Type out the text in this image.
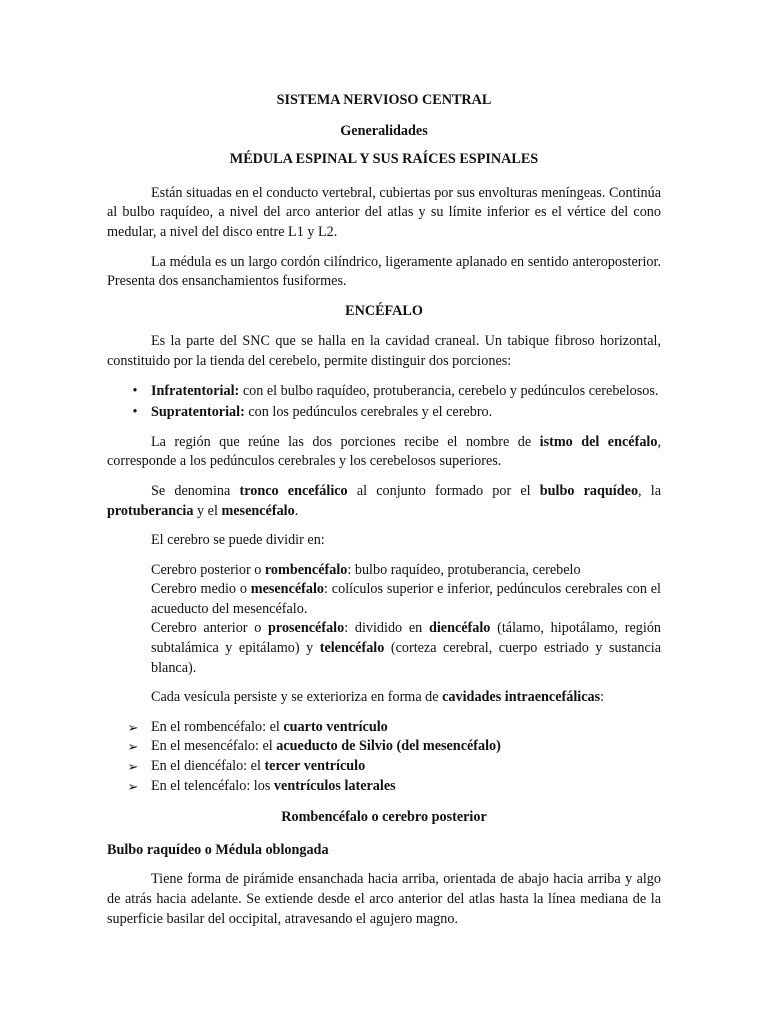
SISTEMA NERVIOSO CENTRAL
Generalidades
MÉDULA ESPINAL Y SUS RAÍCES ESPINALES

Están situadas en el conducto vertebral, cubiertas por sus envolturas meníngeas. Continúa al bulbo raquídeo, a nivel del arco anterior del atlas y su límite inferior es el vértice del cono medular, a nivel del disco entre L1 y L2.

La médula es un largo cordón cilíndrico, ligeramente aplanado en sentido anteroposterior. Presenta dos ensanchamientos fusiformes.

ENCÉFALO

Es la parte del SNC que se halla en la cavidad craneal. Un tabique fibroso horizontal, constituido por la tienda del cerebelo, permite distinguir dos porciones:

• Infratentorial: con el bulbo raquídeo, protuberancia, cerebelo y pedúnculos cerebelosos.
• Supratentorial: con los pedúnculos cerebrales y el cerebro.

La región que reúne las dos porciones recibe el nombre de istmo del encéfalo, corresponde a los pedúnculos cerebrales y los cerebelosos superiores.

Se denomina tronco encefálico al conjunto formado por el bulbo raquídeo, la protuberancia y el mesencéfalo.

El cerebro se puede dividir en:

Cerebro posterior o rombencéfalo: bulbo raquídeo, protuberancia, cerebelo
Cerebro medio o mesencéfalo: colículos superior e inferior, pedúnculos cerebrales con el acueducto del mesencéfalo.
Cerebro anterior o prosencéfalo: dividido en diencéfalo (tálamo, hipotálamo, región subtalámica y epitálamo) y telencéfalo (corteza cerebral, cuerpo estriado y sustancia blanca).

Cada vesícula persiste y se exterioriza en forma de cavidades intraencefálicas:

➢ En el rombencéfalo: el cuarto ventrículo
➢ En el mesencéfalo: el acueducto de Silvio (del mesencéfalo)
➢ En el diencéfalo: el tercer ventrículo
➢ En el telencéfalo: los ventrículos laterales
Rombencéfalo o cerebro posterior
Bulbo raquídeo o Médula oblongada

Tiene forma de pirámide ensanchada hacia arriba, orientada de abajo hacia arriba y algo de atrás hacia adelante. Se extiende desde el arco anterior del atlas hasta la línea mediana de la superficie basilar del occipital, atravesando el agujero magno.
